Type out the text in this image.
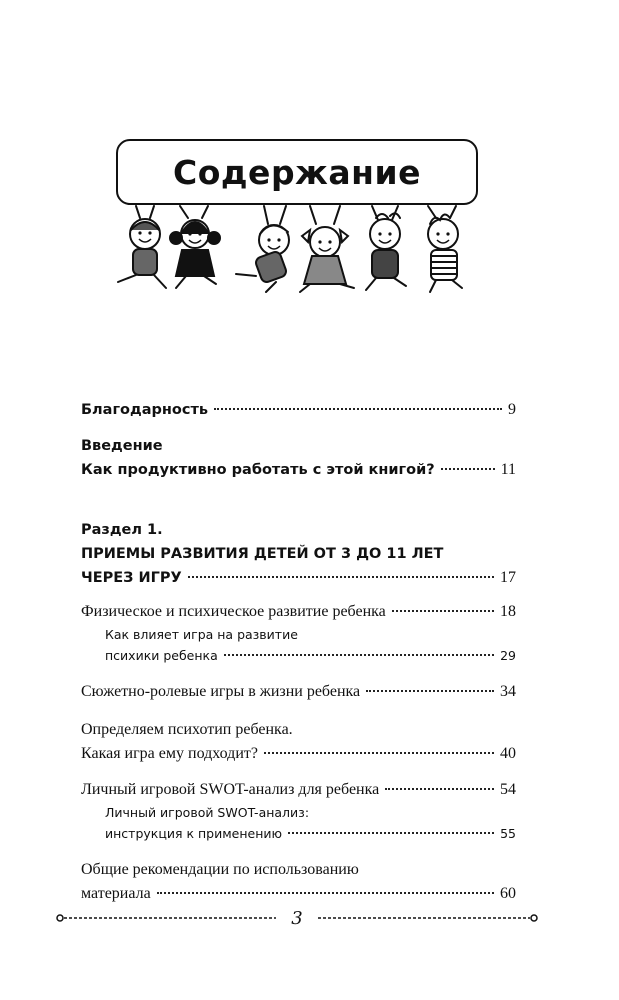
Содержание
Благодарность	9
Введение
Как продуктивно работать с этой книгой?	11
Раздел 1.
ПРИЕМЫ РАЗВИТИЯ ДЕТЕЙ ОТ 3 ДО 11 ЛЕТ
ЧЕРЕЗ ИГРУ	17
Физическое и психическое развитие ребенка	18
Как влияет игра на развитие
психики ребенка	29
Сюжетно-ролевые игры в жизни ребенка	34
Определяем психотип ребенка.
Какая игра ему подходит?	40
Личный игровой SWOT-анализ для ребенка	54
Личный игровой SWOT-анализ:
инструкция к применению	55
Общие рекомендации по использованию
материала	60
3
